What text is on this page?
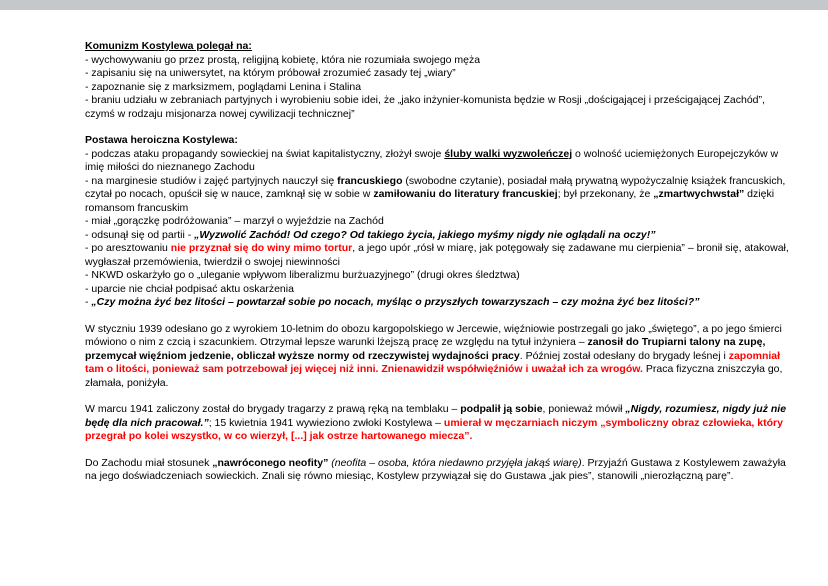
Komunizm Kostylewa polegał na:

- wychowywaniu go przez prostą, religijną kobietę, która nie rozumiała swojego męża

- zapisaniu się na uniwersytet, na którym próbował zrozumieć zasady tej „wiary”

- zapoznanie się z marksizmem, poglądami Lenina i Stalina

- braniu udziału w zebraniach partyjnych i wyrobieniu sobie idei, że „jako inżynier-komunista będzie w Rosji „dościgającej i prześcigającej Zachód”, czymś w rodzaju misjonarza nowej cywilizacji technicznej”

Postawa heroiczna Kostylewa:

- podczas ataku propagandy sowieckiej na świat kapitalistyczny, złożył swoje śluby walki wyzwoleńczej o wolność uciemiężonych Europejczyków w imię miłości do nieznanego Zachodu

- na marginesie studiów i zajęć partyjnych nauczył się francuskiego (swobodne czytanie), posiadał małą prywatną wypożyczalnię książek francuskich, czytał po nocach, opuścił się w nauce, zamknął się w sobie w zamiłowaniu do literatury francuskiej; był przekonany, że „zmartwychwstał” dzięki romansom francuskim

- miał „gorączkę podróżowania” – marzył o wyjeździe na Zachód

- odsunął się od partii - „Wyzwolić Zachód! Od czego? Od takiego życia, jakiego myśmy nigdy nie oglądali na oczy!”

- po aresztowaniu nie przyznał się do winy mimo tortur, a jego upór „rósł w miarę, jak potęgowały się zadawane mu cierpienia” – bronił się, atakował, wygłaszał przemówienia, twierdził o swojej niewinności

- NKWD oskarżyło go o „uleganie wpływom liberalizmu burżuazyjnego” (drugi okres śledztwa)

- uparcie nie chciał podpisać aktu oskarżenia

- „Czy można żyć bez litości – powtarzał sobie po nocach, myśląc o przyszłych towarzyszach – czy można żyć bez litości?”

W styczniu 1939 odesłano go z wyrokiem 10-letnim do obozu kargopolskiego w Jercewie, więźniowie postrzegali go jako „świętego”, a po jego śmierci mówiono o nim z czcią i szacunkiem. Otrzymał lepsze warunki lżejszą pracę ze względu na tytuł inżyniera – zanosił do Trupiarni talony na zupę, przemycał więźniom jedzenie, obliczał wyższe normy od rzeczywistej wydajności pracy. Później został odesłany do brygady leśnej i zapomniał tam o litości, ponieważ sam potrzebował jej więcej niż inni. Znienawidził współwięźniów i uważał ich za wrogów. Praca fizyczna zniszczyła go, złamała, poniżyła.

W marcu 1941 zaliczony został do brygady tragarzy z prawą ręką na temblaku – podpalił ją sobie, ponieważ mówił „Nigdy, rozumiesz, nigdy już nie będę dla nich pracował.”; 15 kwietnia 1941 wywieziono zwłoki Kostylewa – umierał w męczarniach niczym „symboliczny obraz człowieka, który przegrał po kolei wszystko, w co wierzył, [...] jak ostrze hartowanego miecza”.

Do Zachodu miał stosunek „nawróconego neofity” (neofita – osoba, która niedawno przyjęła jakąś wiarę). Przyjaźń Gustawa z Kostylewem zaważyła na jego doświadczeniach sowieckich. Znali się równo miesiąc, Kostylew przywiązał się do Gustawa „jak pies”, stanowili „nierozłączną parę”.
